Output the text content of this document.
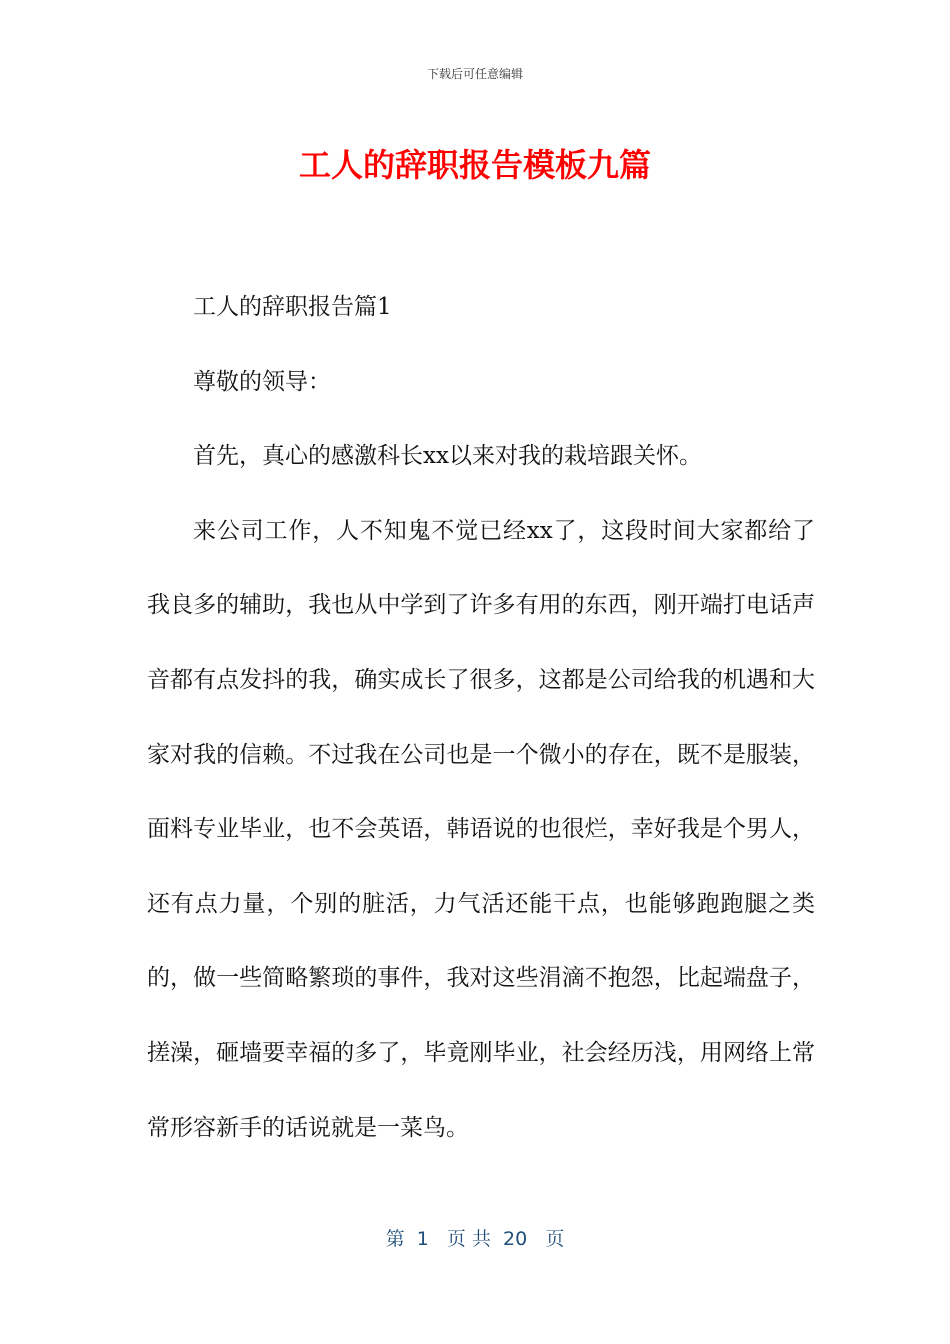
下载后可任意编辑
工人的辞职报告模板九篇

工人的辞职报告篇1

尊敬的领导：

首先，真心的感激科长xx以来对我的栽培跟关怀。

来公司工作，人不知鬼不觉已经xx了，这段时间大家都给了我良多的辅助，我也从中学到了许多有用的东西，刚开端打电话声音都有点发抖的我，确实成长了很多，这都是公司给我的机遇和大家对我的信赖。不过我在公司也是一个微小的存在，既不是服装，面料专业毕业，也不会英语，韩语说的也很烂，幸好我是个男人，还有点力量，个别的脏活，力气活还能干点，也能够跑跑腿之类的，做一些简略繁琐的事件，我对这些涓滴不抱怨，比起端盘子，搓澡，砸墙要幸福的多了，毕竟刚毕业，社会经历浅，用网络上常常形容新手的话说就是一菜鸟。

第  1   页 共  20   页
